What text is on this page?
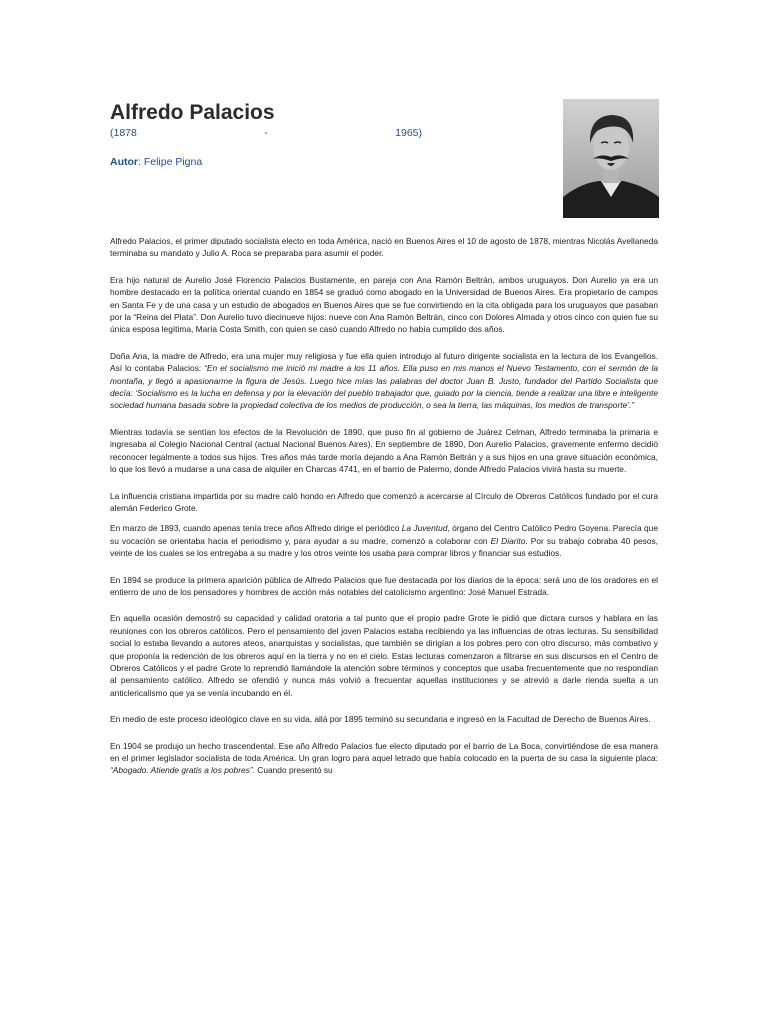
Alfredo Palacios
(1878	-	1965)
Autor: Felipe Pigna

Alfredo Palacios, el primer diputado socialista electo en toda América, nació en Buenos Aires el 10 de agosto de 1878, mientras Nicolás Avellaneda terminaba su mandato y Julio A. Roca se preparaba para asumir el poder.

Era hijo natural de Aurelio José Florencio Palacios Bustamente, en pareja con Ana Ramón Beltrán, ambos uruguayos. Don Aurelio ya era un hombre destacado en la política oriental cuando en 1854 se graduó como abogado en la Universidad de Buenos Aires. Era propietario de campos en Santa Fe y de una casa y un estudio de abogados en Buenos Aires que se fue convirtiendo en la cita obligada para los uruguayos que pasaban por la “Reina del Plata”. Don Aurelio tuvo diecinueve hijos: nueve con Ana Ramón Beltrán, cinco con Dolores Almada y otros cinco con quien fue su única esposa legítima, María Costa Smith, con quien se casó cuando Alfredo no había cumplido dos años.

Doña Ana, la madre de Alfredo, era una mujer muy religiosa y fue ella quien introdujo al futuro dirigente socialista en la lectura de los Evangelios. Así lo contaba Palacios: “En el socialismo me inició mi madre a los 11 años. Ella puso en mis manos el Nuevo Testamento, con el sermón de la montaña, y llegó a apasionarme la figura de Jesús. Luego hice mías las palabras del doctor Juan B. Justo, fundador del Partido Socialista que decía: ‘Socialismo es la lucha en defensa y por la elevación del pueblo trabajador que, guiado por la ciencia, tiende a realizar una libre e inteligente sociedad humana basada sobre la propiedad colectiva de los medios de producción, o sea la tierra, las máquinas, los medios de transporte’.”

Mientras todavía se sentían los efectos de la Revolución de 1890, que puso fin al gobierno de Juárez Celman, Alfredo terminaba la primaria e ingresaba al Colegio Nacional Central (actual Nacional Buenos Aires). En septiembre de 1890, Don Aurelio Palacios, gravemente enfermo decidió reconocer legalmente a todos sus hijos. Tres años más tarde moría dejando a Ana Ramón Beltrán y a sus hijos en una grave situación económica, lo que los llevó a mudarse a una casa de alquiler en Charcas 4741, en el barrio de Palermo, donde Alfredo Palacios vivirá hasta su muerte.

La influencia cristiana impartida por su madre caló hondo en Alfredo que comenzó a acercarse al Círculo de Obreros Católicos fundado por el cura alemán Federico Grote.

En marzo de 1893, cuando apenas tenía trece años Alfredo dirige el periódico La Juventud, órgano del Centro Católico Pedro Goyena. Parecía que su vocación se orientaba hacia el periodismo y, para ayudar a su madre, comenzó a colaborar con El Diarito. Por su trabajo cobraba 40 pesos, veinte de los cuales se los entregaba a su madre y los otros veinte los usaba para comprar libros y financiar sus estudios.

En 1894 se produce la primera aparición pública de Alfredo Palacios que fue destacada por los diarios de la época: será uno de los oradores en el entierro de uno de los pensadores y hombres de acción más notables del catolicismo argentino: José Manuel Estrada.

En aquella ocasión demostró su capacidad y calidad oratoria a tal punto que el propio padre Grote le pidió que dictara cursos y hablara en las reuniones con los obreros católicos. Pero el pensamiento del joven Palacios estaba recibiendo ya las influencias de otras lecturas. Su sensibilidad social lo estaba llevando a autores ateos, anarquistas y socialistas, que también se dirigían a los pobres pero con otro discurso, más combativo y que proponía la redención de los obreros aquí en la tierra y no en el cielo. Estas lecturas comenzaron a filtrarse en sus discursos en el Centro de Obreros Católicos y el padre Grote lo reprendió llamándole la atención sobre términos y conceptos que usaba frecuentemente que no respondían al pensamiento católico. Alfredo se ofendió y nunca más volvió a frecuentar aquellas instituciones y se atrevió a darle rienda suelta a un anticlericalismo que ya se venía incubando en él.

En medio de este proceso ideológico clave en su vida, allá por 1895 terminó su secundaria e ingresó en la Facultad de Derecho de Buenos Aires.

En 1904 se produjo un hecho trascendental. Ese año Alfredo Palacios fue electo diputado por el barrio de La Boca, convirtiéndose de esa manera en el primer legislador socialista de toda América. Un gran logro para aquel letrado que había colocado en la puerta de su casa la siguiente placa: “Abogado. Atiende gratis a los pobres”. Cuando presentó su
